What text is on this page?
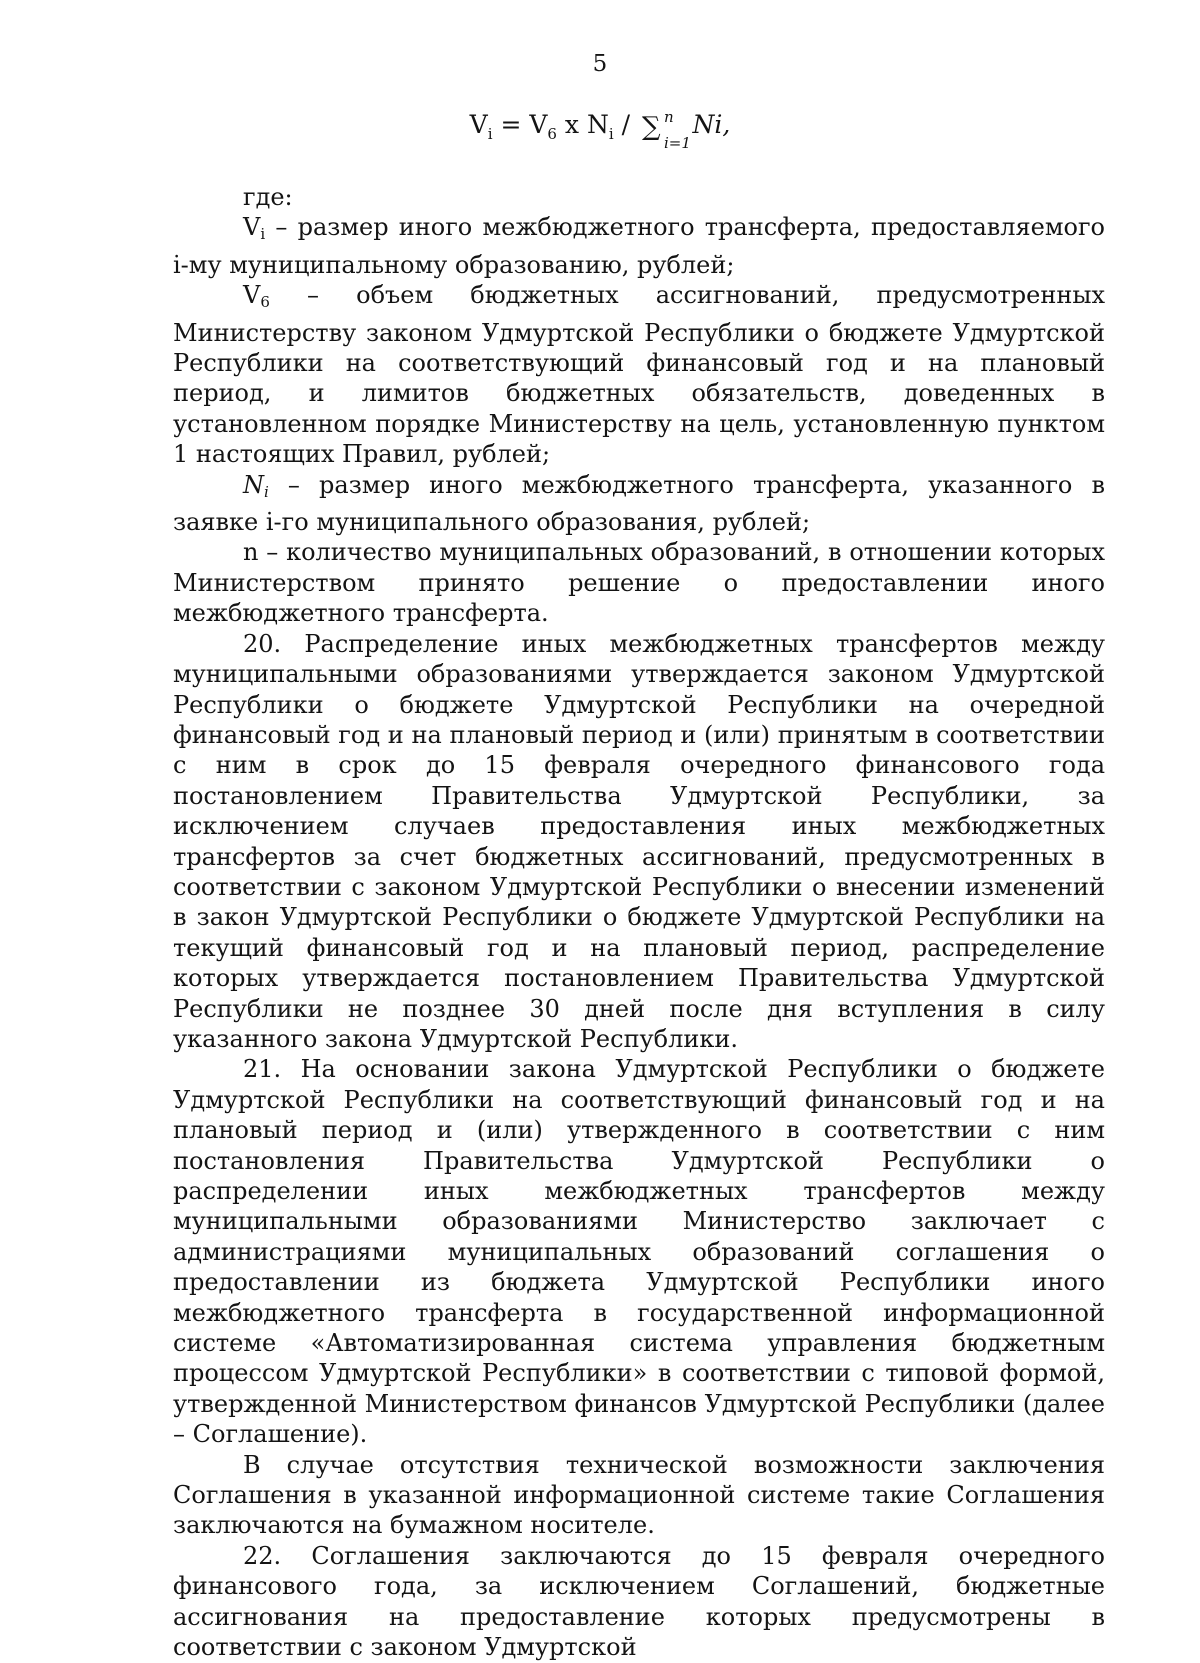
5
$V_i = V_6$ x $N_i$ / ∑ n
i=1
Ni,

где:

$V_i$ – размер иного межбюджетного трансферта, предоставляемого i-му муниципальному образованию, рублей;

$V_6$ – объем бюджетных ассигнований, предусмотренных Министерству законом Удмуртской Республики о бюджете Удмуртской Республики на соответствующий финансовый год и на плановый период, и лимитов бюджетных обязательств, доведенных в установленном порядке Министерству на цель, установленную пунктом 1 настоящих Правил, рублей;

$N_i$ – размер иного межбюджетного трансферта, указанного в заявке i-го муниципального образования, рублей;

n – количество муниципальных образований, в отношении которых Министерством принято решение о предоставлении иного межбюджетного трансферта.

20. Распределение иных межбюджетных трансфертов между муниципальными образованиями утверждается законом Удмуртской Республики о бюджете Удмуртской Республики на очередной финансовый год и на плановый период и (или) принятым в соответствии с ним в срок до 15 февраля очередного финансового года постановлением Правительства Удмуртской Республики, за исключением случаев предоставления иных межбюджетных трансфертов за счет бюджетных ассигнований, предусмотренных в соответствии с законом Удмуртской Республики о внесении изменений в закон Удмуртской Республики о бюджете Удмуртской Республики на текущий финансовый год и на плановый период, распределение которых утверждается постановлением Правительства Удмуртской Республики не позднее 30 дней после дня вступления в силу указанного закона Удмуртской Республики.

21. На основании закона Удмуртской Республики о бюджете Удмуртской Республики на соответствующий финансовый год и на плановый период и (или) утвержденного в соответствии с ним постановления Правительства Удмуртской Республики о распределении иных межбюджетных трансфертов между муниципальными образованиями Министерство заключает с администрациями муниципальных образований соглашения о предоставлении из бюджета Удмуртской Республики иного межбюджетного трансферта в государственной информационной системе «Автоматизированная система управления бюджетным процессом Удмуртской Республики» в соответствии с типовой формой, утвержденной Министерством финансов Удмуртской Республики (далее – Соглашение).

В случае отсутствия технической возможности заключения Соглашения в указанной информационной системе такие Соглашения заключаются на бумажном носителе.

22. Соглашения заключаются до 15 февраля очередного финансового года, за исключением Соглашений, бюджетные ассигнования на предоставление которых предусмотрены в соответствии с законом Удмуртской
